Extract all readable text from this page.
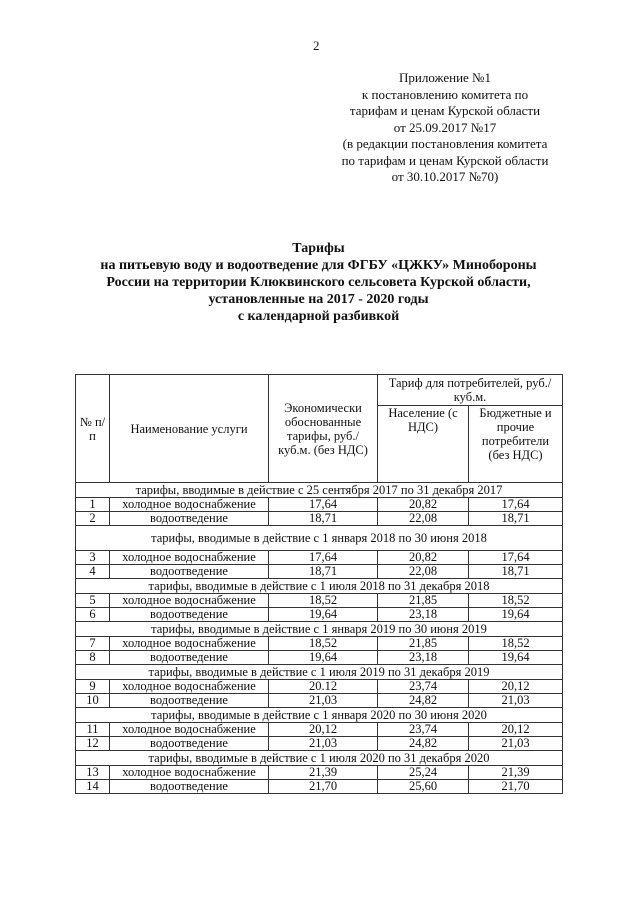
2
Приложение №1
к постановлению комитета по
тарифам и ценам Курской области
от 25.09.2017 №17
(в редакции постановления комитета
по тарифам и ценам Курской области
от 30.10.2017 №70)
Тарифы
на питьевую воду и водоотведение для ФГБУ «ЦЖКУ» Минобороны
России на территории Клюквинского сельсовета Курской области,
установленные на 2017 - 2020 годы
с календарной разбивкой
№ п/п	Наименование услуги	Экономически обоснованные тарифы, руб./ куб.м. (без НДС)	Тариф для потребителей, руб./ куб.м.	
			Население (с НДС)	Бюджетные и прочие потребители (без НДС)
тарифы, вводимые в действие с 25 сентября 2017 по 31 декабря 2017				
1	холодное водоснабжение	17,64	20,82	17,64
2	водоотведение	18,71	22,08	18,71
тарифы, вводимые в действие с 1 января 2018 по 30 июня 2018				
3	холодное водоснабжение	17,64	20,82	17,64
4	водоотведение	18,71	22,08	18,71
тарифы, вводимые в действие с 1 июля 2018 по 31 декабря 2018				
5	холодное водоснабжение	18,52	21,85	18,52
6	водоотведение	19,64	23,18	19,64
тарифы, вводимые в действие с 1 января 2019 по 30 июня 2019				
7	холодное водоснабжение	18,52	21,85	18,52
8	водоотведение	19,64	23,18	19,64
тарифы, вводимые в действие с 1 июля 2019 по 31 декабря 2019				
9	холодное водоснабжение	20.12	23,74	20,12
10	водоотведение	21,03	24,82	21,03
тарифы, вводимые в действие с 1 января 2020 по 30 июня 2020				
11	холодное водоснабжение	20,12	23,74	20,12
12	водоотведение	21,03	24,82	21,03
тарифы, вводимые в действие с 1 июля 2020 по 31 декабря 2020				
13	холодное водоснабжение	21,39	25,24	21,39
14	водоотведение	21,70	25,60	21,70
